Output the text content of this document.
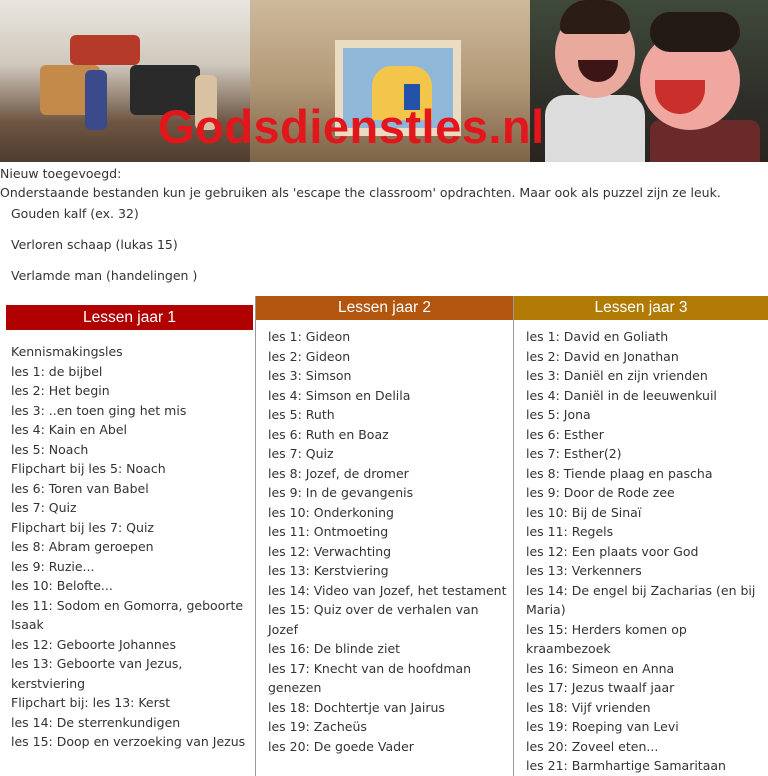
Godsdienstles.nl
Nieuw toegevoegd:
Onderstaande bestanden kun je gebruiken als 'escape the classroom' opdrachten. Maar ook als puzzel zijn ze leuk.
Gouden kalf (ex. 32)
Verloren schaap (lukas 15)
Verlamde man (handelingen )
Lessen jaar 1
Kennismakingsles
les 1: de bijbel
les 2: Het begin
les 3: ..en toen ging het mis
les 4: Kain en Abel
les 5: Noach
Flipchart bij les 5: Noach
les 6: Toren van Babel
les 7: Quiz
Flipchart bij les 7: Quiz
les 8: Abram geroepen
les 9: Ruzie...
les 10: Belofte...
les 11: Sodom en Gomorra, geboorte Isaak
les 12: Geboorte Johannes
les 13: Geboorte van Jezus, kerstviering
Flipchart bij: les 13: Kerst
les 14: De sterrenkundigen
les 15: Doop en verzoeking van Jezus
Lessen jaar 2
les 1: Gideon
les 2: Gideon
les 3: Simson
les 4: Simson en Delila
les 5: Ruth
les 6: Ruth en Boaz
les 7: Quiz
les 8: Jozef, de dromer
les 9: In de gevangenis
les 10: Onderkoning
les 11: Ontmoeting
les 12: Verwachting
les 13: Kerstviering
les 14: Video van Jozef, het testament
les 15: Quiz over de verhalen van Jozef
les 16: De blinde ziet
les 17: Knecht van de hoofdman genezen
les 18: Dochtertje van Jairus
les 19: Zacheüs
les 20: De goede Vader
Lessen jaar 3
les 1: David en Goliath
les 2: David en Jonathan
les 3: Daniël en zijn vrienden
les 4: Daniël in de leeuwenkuil
les 5: Jona
les 6: Esther
les 7: Esther(2)
les 8: Tiende plaag en pascha
les 9: Door de Rode zee
les 10: Bij de Sinaï
les 11: Regels
les 12: Een plaats voor God
les 13: Verkenners
les 14: De engel bij Zacharias (en bij Maria)
les 15: Herders komen op kraambezoek
les 16: Simeon en Anna
les 17: Jezus twaalf jaar
les 18: Vijf vrienden
les 19: Roeping van Levi
les 20: Zoveel eten...
les 21: Barmhartige Samaritaan
